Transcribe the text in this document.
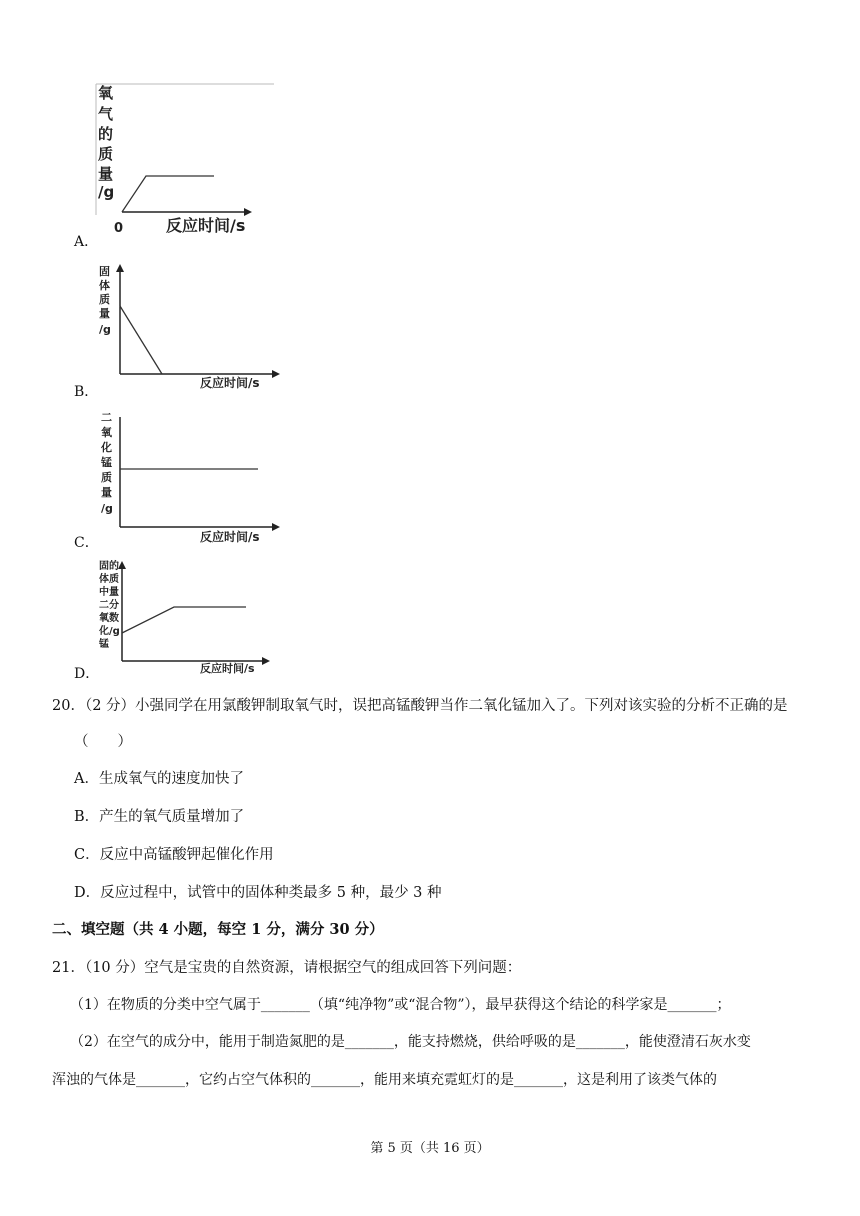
A．
氧
气
的
质
量
/g
0	反应时间/s
B．
固
体
质
量
/g
反应时间/s
C．
二
氧
化
锰
质
量
/g
反应时间/s
D．
固的
体质
中量
二分
氧数
化/g
锰
反应时间/s
20．（2 分）小强同学在用氯酸钾制取氧气时，误把高锰酸钾当作二氧化锰加入了。下列对该实验的分析不正确的是
（　　）
A．生成氧气的速度加快了
B．产生的氧气质量增加了
C．反应中高锰酸钾起催化作用
D．反应过程中，试管中的固体种类最多 5 种，最少 3 种
二、填空题（共 4 小题，每空 1 分，满分 30 分）
21．（10 分）空气是宝贵的自然资源，请根据空气的组成回答下列问题：
（1）在物质的分类中空气属于_______（填“纯净物”或“混合物”），最早获得这个结论的科学家是_______；
（2）在空气的成分中，能用于制造氮肥的是_______，能支持燃烧，供给呼吸的是_______，能使澄清石灰水变
浑浊的气体是_______，它约占空气体积的_______，能用来填充霓虹灯的是_______，这是利用了该类气体的
第 5 页（共 16 页）
